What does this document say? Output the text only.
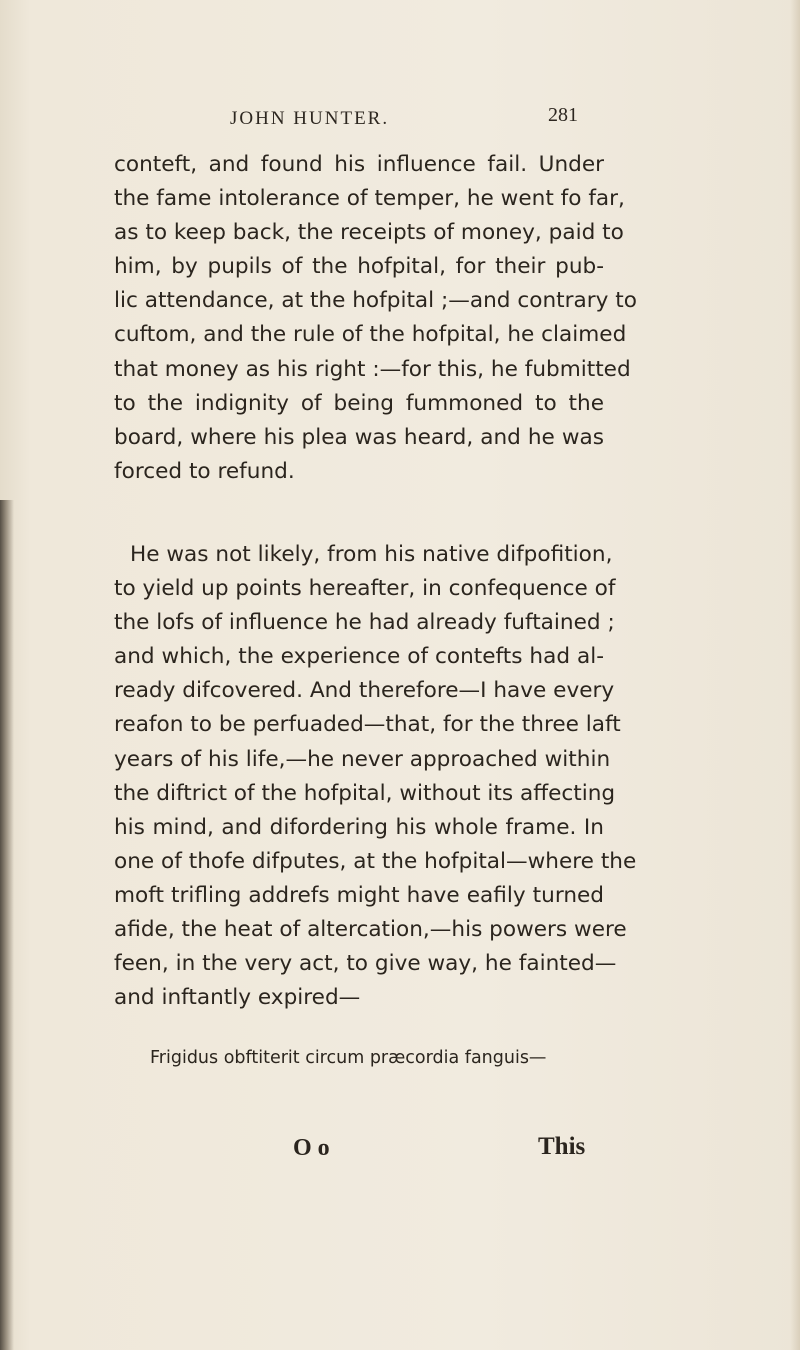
JOHN HUNTER.	281
conteft, and found his influence fail. Under
the fame intolerance of temper, he went fo far,
as to keep back, the receipts of money, paid to
him, by pupils of the hofpital, for their pub-
lic attendance, at the hofpital ;—and contrary to
cuftom, and the rule of the hofpital, he claimed
that money as his right :—for this, he fubmitted
to the indignity of being fummoned to the
board, where his plea was heard, and he was
forced to refund.
He was not likely, from his native difpofition,
to yield up points hereafter, in confequence of
the lofs of influence he had already fuftained ;
and which, the experience of contefts had al-
ready difcovered. And therefore—I have every
reafon to be perfuaded—that, for the three laft
years of his life,—he never approached within
the diftrict of the hofpital, without its affecting
his mind, and difordering his whole frame. In
one of thofe difputes, at the hofpital—where the
moft trifling addrefs might have eafily turned
afide, the heat of altercation,—his powers were
feen, in the very act, to give way, he fainted—
and inftantly expired—
Frigidus obftiterit circum præcordia fanguis—
O o	This
